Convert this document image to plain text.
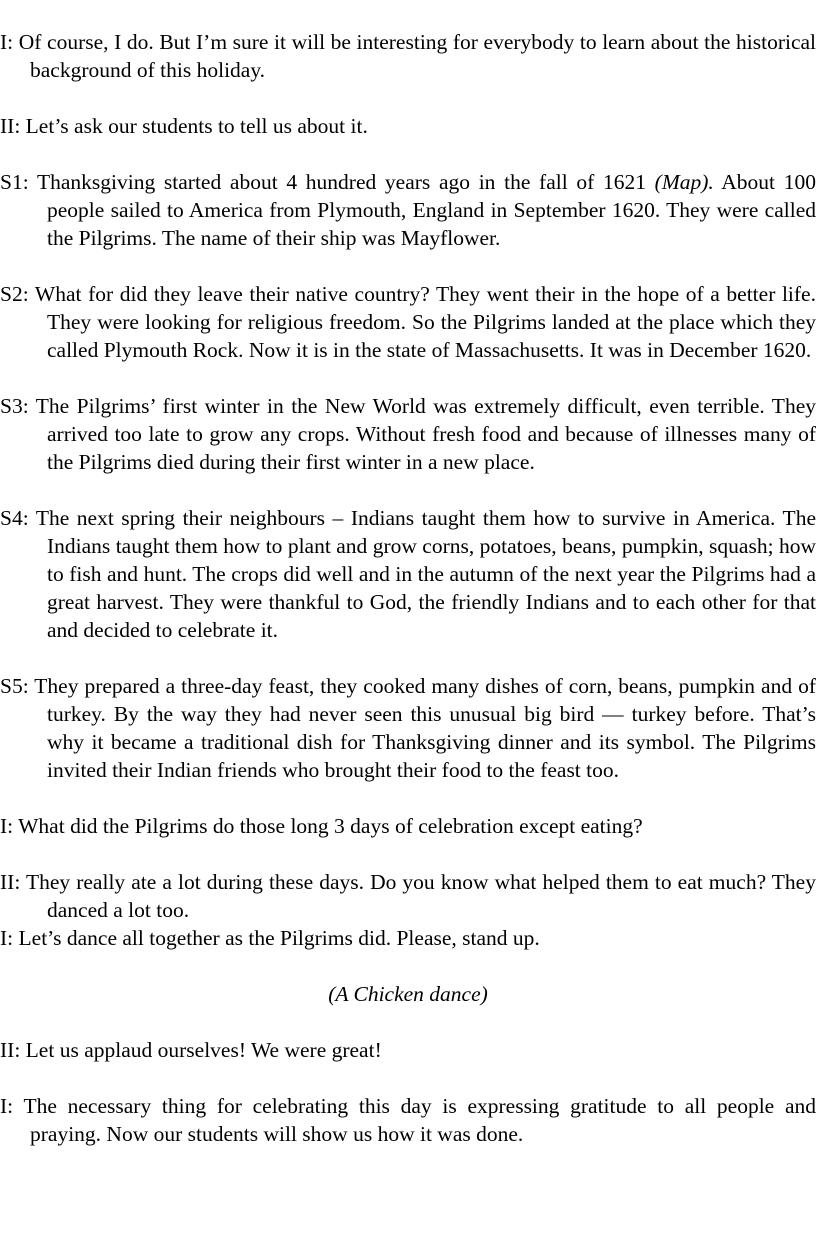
I: Of course, I do. But I’m sure it will be interesting for everybody to learn about the historical background of this holiday.

II: Let’s ask our students to tell us about it.

S1: Thanksgiving started about 4 hundred years ago in the fall of 1621 (Map). About 100 people sailed to America from Plymouth, England in September 1620. They were called the Pilgrims. The name of their ship was Mayflower.

S2: What for did they leave their native country? They went their in the hope of a better life. They were looking for religious freedom. So the Pilgrims landed at the place which they called Plymouth Rock. Now it is in the state of Massachusetts. It was in December 1620.

S3: The Pilgrims’ first winter in the New World was extremely difficult, even terrible. They arrived too late to grow any crops. Without fresh food and because of illnesses many of the Pilgrims died during their first winter in a new place.

S4: The next spring their neighbours – Indians taught them how to survive in America. The Indians taught them how to plant and grow corns, potatoes, beans, pumpkin, squash; how to fish and hunt. The crops did well and in the autumn of the next year the Pilgrims had a great harvest. They were thankful to God, the friendly Indians and to each other for that and decided to celebrate it.

S5: They prepared a three-day feast, they cooked many dishes of corn, beans, pumpkin and of turkey. By the way they had never seen this unusual big bird — turkey before. That’s why it became a traditional dish for Thanksgiving dinner and its symbol. The Pilgrims invited their Indian friends who brought their food to the feast too.

I: What did the Pilgrims do those long 3 days of celebration except eating?

II: They really ate a lot during these days. Do you know what helped them to eat much? They danced a lot too.

I: Let’s dance all together as the Pilgrims did. Please, stand up.

(A Chicken dance)

II: Let us applaud ourselves! We were great!

I: The necessary thing for celebrating this day is expressing gratitude to all people and praying. Now our students will show us how it was done.
